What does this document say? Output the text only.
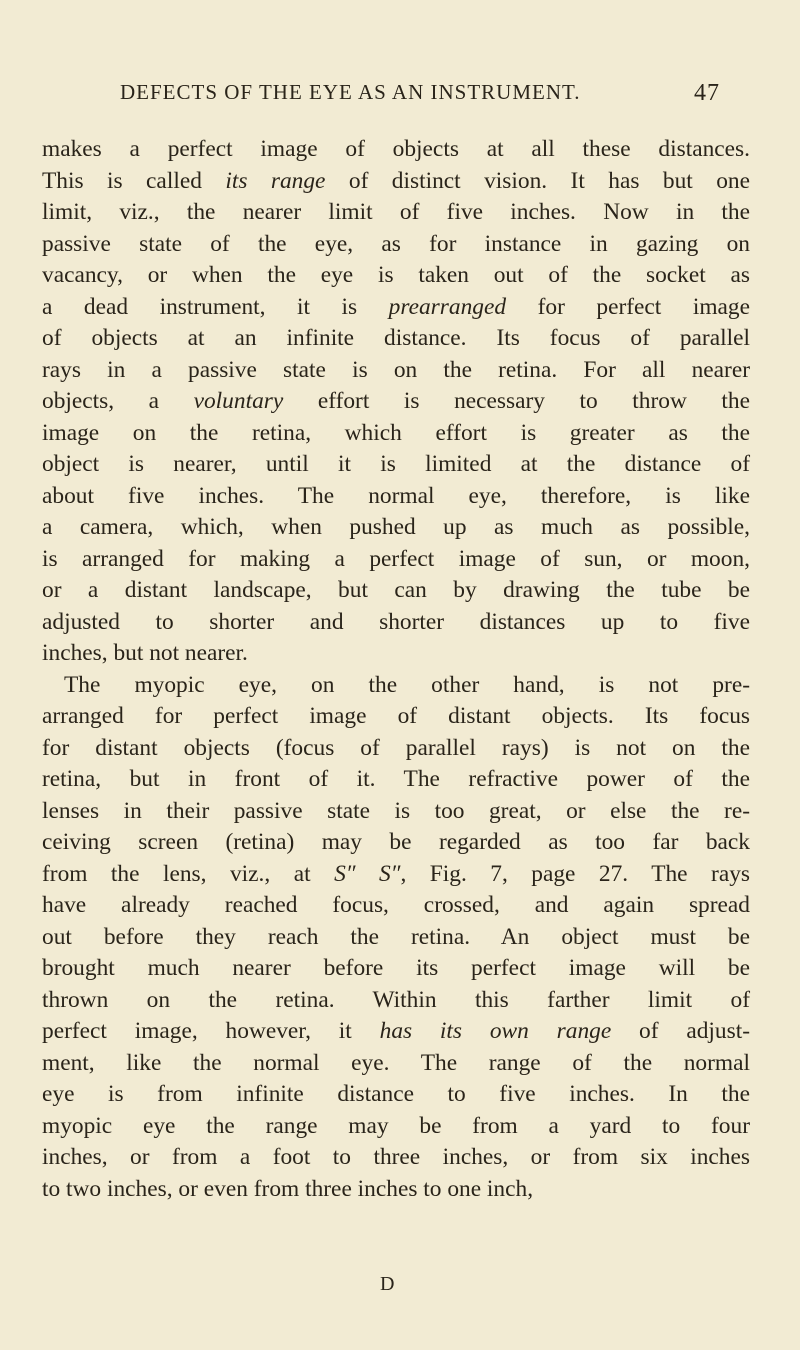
DEFECTS OF THE EYE AS AN INSTRUMENT.	47
makes a perfect image of objects at all these distances.
This is called its range of distinct vision. It has but one
limit, viz., the nearer limit of five inches. Now in the
passive state of the eye, as for instance in gazing on
vacancy, or when the eye is taken out of the socket as
a dead instrument, it is prearranged for perfect image
of objects at an infinite distance. Its focus of parallel
rays in a passive state is on the retina. For all nearer
objects, a voluntary effort is necessary to throw the
image on the retina, which effort is greater as the
object is nearer, until it is limited at the distance of
about five inches. The normal eye, therefore, is like
a camera, which, when pushed up as much as possible,
is arranged for making a perfect image of sun, or moon,
or a distant landscape, but can by drawing the tube be
adjusted to shorter and shorter distances up to five
inches, but not nearer.
The myopic eye, on the other hand, is not pre-
arranged for perfect image of distant objects. Its focus
for distant objects (focus of parallel rays) is not on the
retina, but in front of it. The refractive power of the
lenses in their passive state is too great, or else the re-
ceiving screen (retina) may be regarded as too far back
from the lens, viz., at S″ S″, Fig. 7, page 27. The rays
have already reached focus, crossed, and again spread
out before they reach the retina. An object must be
brought much nearer before its perfect image will be
thrown on the retina. Within this farther limit of
perfect image, however, it has its own range of adjust-
ment, like the normal eye. The range of the normal
eye is from infinite distance to five inches. In the
myopic eye the range may be from a yard to four
inches, or from a foot to three inches, or from six inches
to two inches, or even from three inches to one inch,
D
